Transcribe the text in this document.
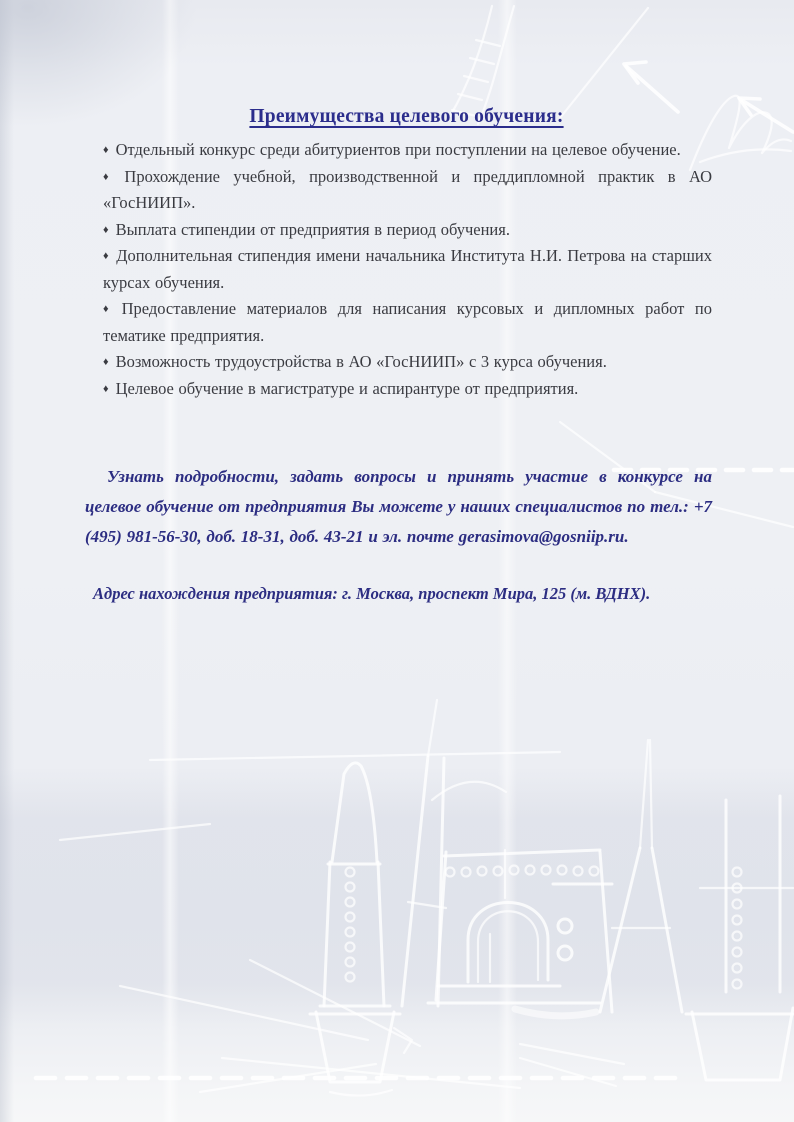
Преимущества целевого обучения:

♦ Отдельный конкурс среди абитуриентов при поступлении на целевое обучение.

♦ Прохождение учебной, производственной и преддипломной практик в АО «ГосНИИП».

♦ Выплата стипендии от предприятия в период обучения.

♦ Дополнительная стипендия имени начальника Института Н.И. Петрова на старших курсах обучения.

♦ Предоставление материалов для написания курсовых и дипломных работ по тематике предприятия.

♦ Возможность трудоустройства в АО «ГосНИИП» с 3 курса обучения.

♦ Целевое обучение в магистратуре и аспирантуре от предприятия.

Узнать подробности, задать вопросы и принять участие в конкурсе на целевое обучение от предприятия Вы можете у наших специалистов по тел.: +7 (495) 981-56-30, доб. 18-31, доб. 43-21 и эл. почте gerasimova@gosniip.ru.

Адрес нахождения предприятия: г. Москва, проспект Мира, 125 (м. ВДНХ).
